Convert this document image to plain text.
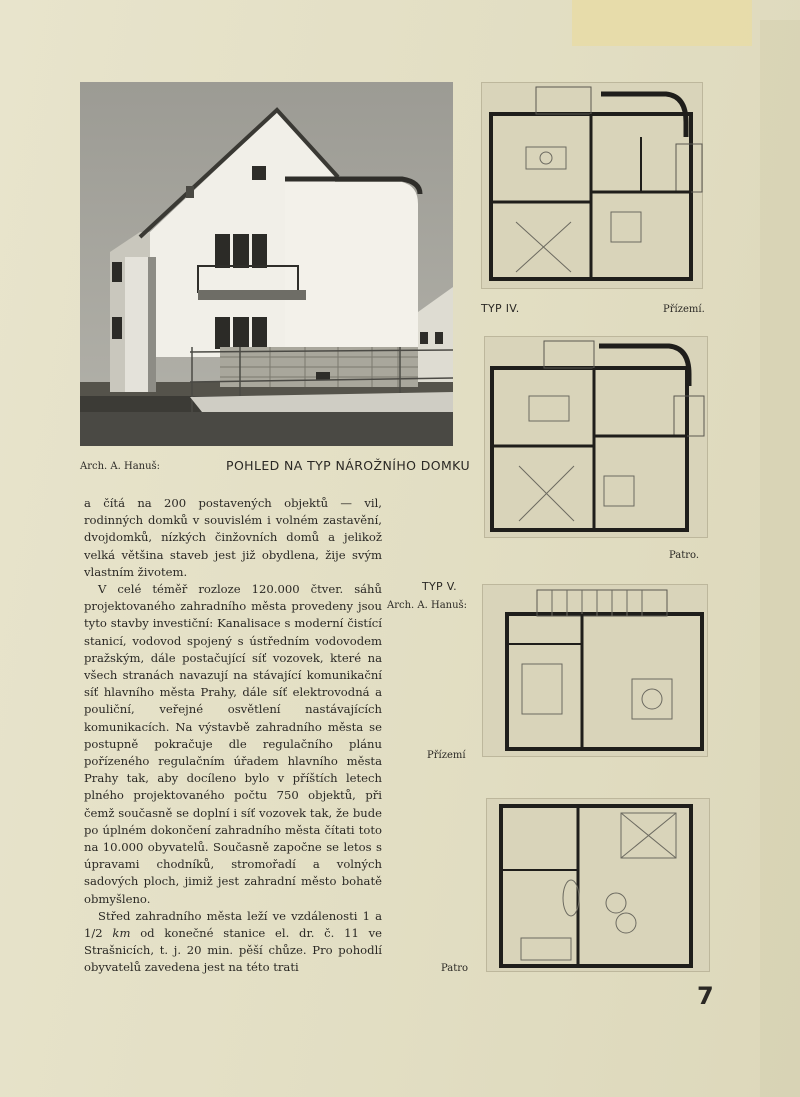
Arch. A. Hanuš:	POHLED NA TYP NÁROŽNÍHO DOMKU

a čítá na 200 postavených objektů — vil, rodinných domků v souvislém i volném zastavění, dvojdomků, nízkých činžovních domů a jelikož velká většina staveb jest již obydlena, žije svým vlastním životem.

V celé téměř rozloze 120.000 čtver. sáhů projektovaného zahradního města provedeny jsou tyto stavby investiční: Kanalisace s moderní čistící stanicí, vodovod spojený s ústředním vodovodem pražským, dále postačující síť vozovek, které na všech stranách navazují na stávající komunikační síť hlavního města Prahy, dále síť elektrovodná a pouliční, veřejné osvětlení nastávajících komunikacích. Na výstavbě zahradního města se postupně pokračuje dle regulačního plánu pořízeného regulačním úřadem hlavního města Prahy tak, aby docíleno bylo v příštích letech plného projektovaného počtu 750 objektů, při čemž současně se doplní i síť vozovek tak, že bude po úplném dokončení zahradního města čítati toto na 10.000 obyvatelů. Současně započne se letos s úpravami chodníků, stromořadí a volných sadových ploch, jimiž jest zahradní město bohatě obmyšleno.

Střed zahradního města leží ve vzdálenosti 1 a 1/2 km od konečné stanice el. dr. č. 11 ve Strašnicích, t. j. 20 min. pěší chůze. Pro pohodlí obyvatelů zavedena jest na této trati

TYP IV.	Přízemí.
Patro.
TYP V.
Arch. A. Hanuš:
Přízemí
Patro
7
